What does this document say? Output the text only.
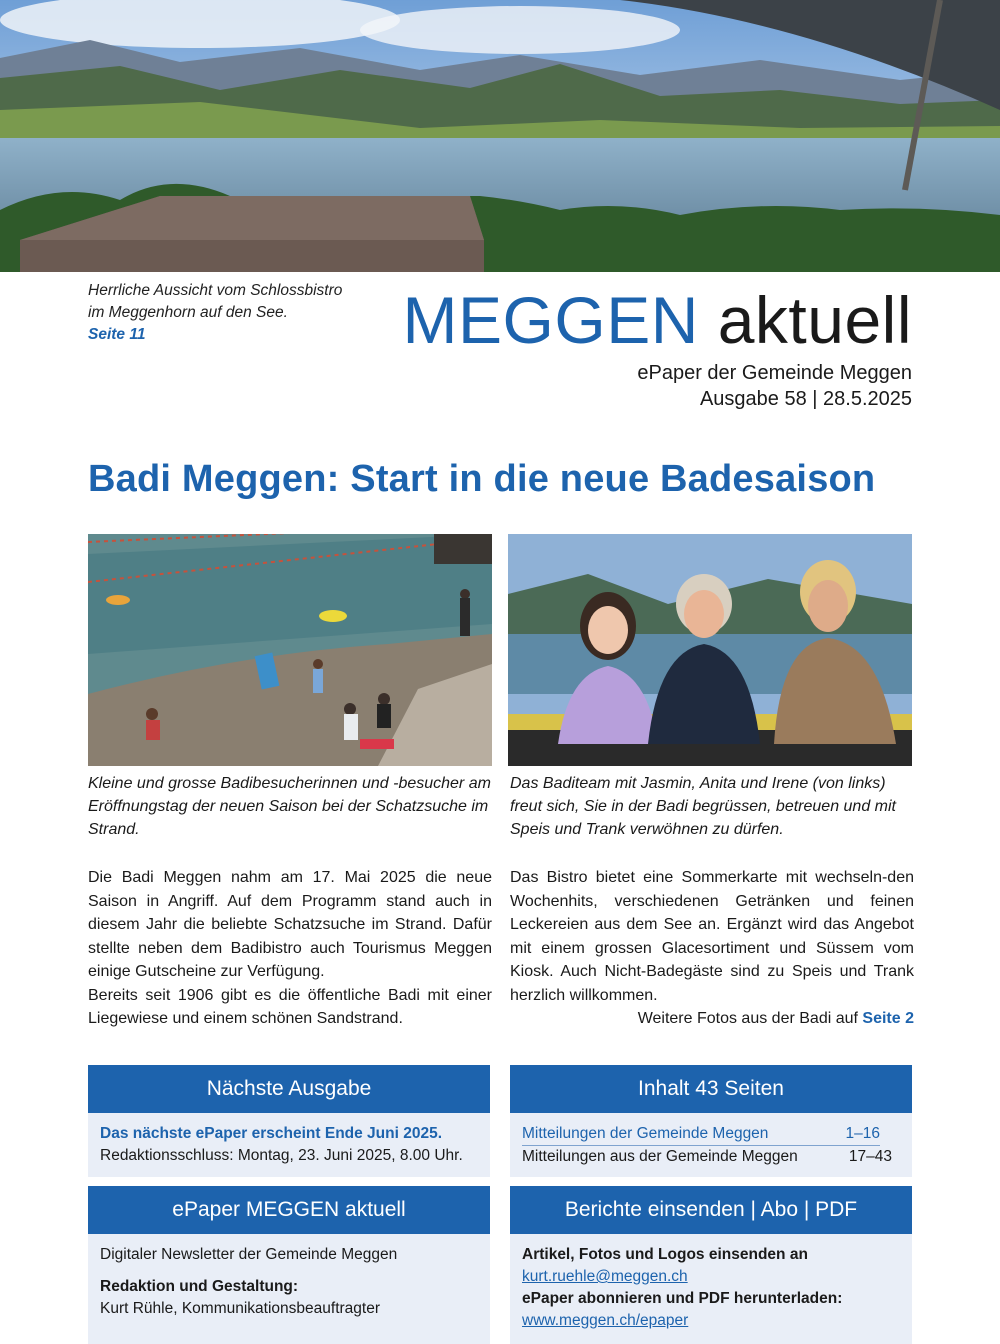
Herrliche Aussicht vom Schlossbistro
im Meggenhorn auf den See.
Seite 11	MEGGEN aktuell
ePaper der Gemeinde Meggen
Ausgabe 58 | 28.5.2025
Badi Meggen: Start in die neue Badesaison
Kleine und grosse Badibesucherinnen und -besucher am Eröffnungstag der neuen Saison bei der Schatzsuche im Strand.
Das Baditeam mit Jasmin, Anita und Irene (von links) freut sich, Sie in der Badi begrüssen, betreuen und mit Speis und Trank verwöhnen zu dürfen.

Die Badi Meggen nahm am 17. Mai 2025 die neue Saison in Angriff. Auf dem Programm stand auch in diesem Jahr die beliebte Schatzsuche im Strand. Dafür stellte neben dem Badibistro auch Tourismus Meggen einige Gutscheine zur Verfügung.

Bereits seit 1906 gibt es die öffentliche Badi mit einer Liegewiese und einem schönen Sandstrand.

Das Bistro bietet eine Sommerkarte mit wechseln-den Wochenhits, verschiedenen Getränken und feinen Leckereien aus dem See an. Ergänzt wird das Angebot mit einem grossen Glacesortiment und Süssem vom Kiosk. Auch Nicht-Badegäste sind zu Speis und Trank herzlich willkommen.

Weitere Fotos aus der Badi auf Seite 2

Nächste Ausgabe
Das nächste ePaper erscheint Ende Juni 2025.
Redaktionsschluss: Montag, 23. Juni 2025, 8.00 Uhr.
Inhalt 43 Seiten
Mitteilungen der Gemeinde Meggen	1–16
Mitteilungen aus der Gemeinde Meggen	17–43
ePaper MEGGEN aktuell
Digitaler Newsletter der Gemeinde Meggen
Redaktion und Gestaltung:
Kurt Rühle, Kommunikationsbeauftragter
Berichte einsenden | Abo | PDF
Artikel, Fotos und Logos einsenden an
kurt.ruehle@meggen.ch
ePaper abonnieren und PDF herunterladen:
www.meggen.ch/epaper
